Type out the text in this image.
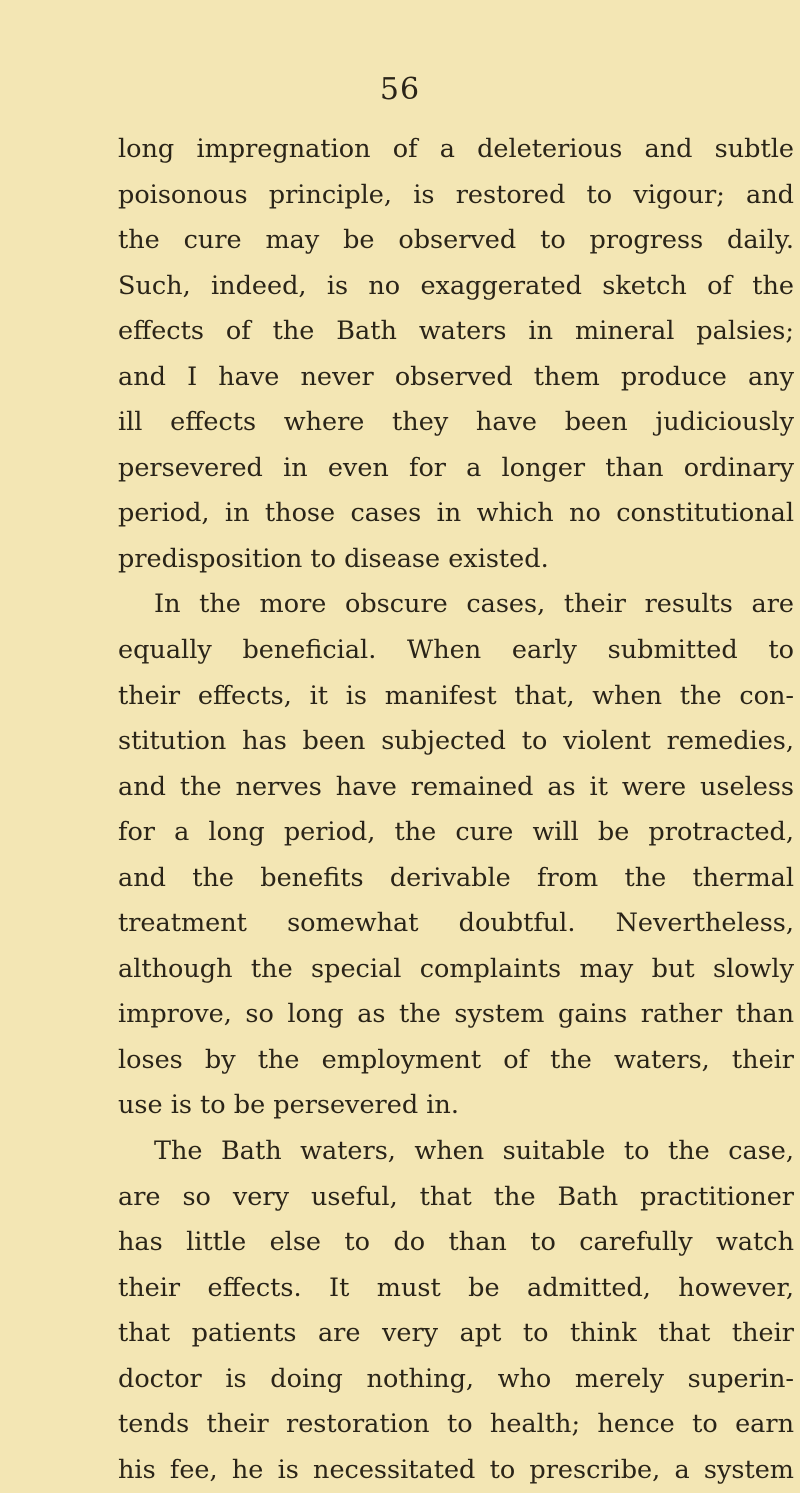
56
long impregnation of a deleterious and subtle
poisonous principle, is restored to vigour; and
the cure may be observed to progress daily.
Such, indeed, is no exaggerated sketch of the
effects of the Bath waters in mineral palsies;
and I have never observed them produce any
ill effects where they have been judiciously
persevered in even for a longer than ordinary
period, in those cases in which no constitutional
predisposition to disease existed.
In the more obscure cases, their results are
equally beneficial. When early submitted to
their effects, it is manifest that, when the con-
stitution has been subjected to violent remedies,
and the nerves have remained as it were useless
for a long period, the cure will be protracted,
and the benefits derivable from the thermal
treatment somewhat doubtful. Nevertheless,
although the special complaints may but slowly
improve, so long as the system gains rather than
loses by the employment of the waters, their
use is to be persevered in.
The Bath waters, when suitable to the case,
are so very useful, that the Bath practitioner
has little else to do than to carefully watch
their effects. It must be admitted, however,
that patients are very apt to think that their
doctor is doing nothing, who merely superin-
tends their restoration to health; hence to earn
his fee, he is necessitated to prescribe, a system
